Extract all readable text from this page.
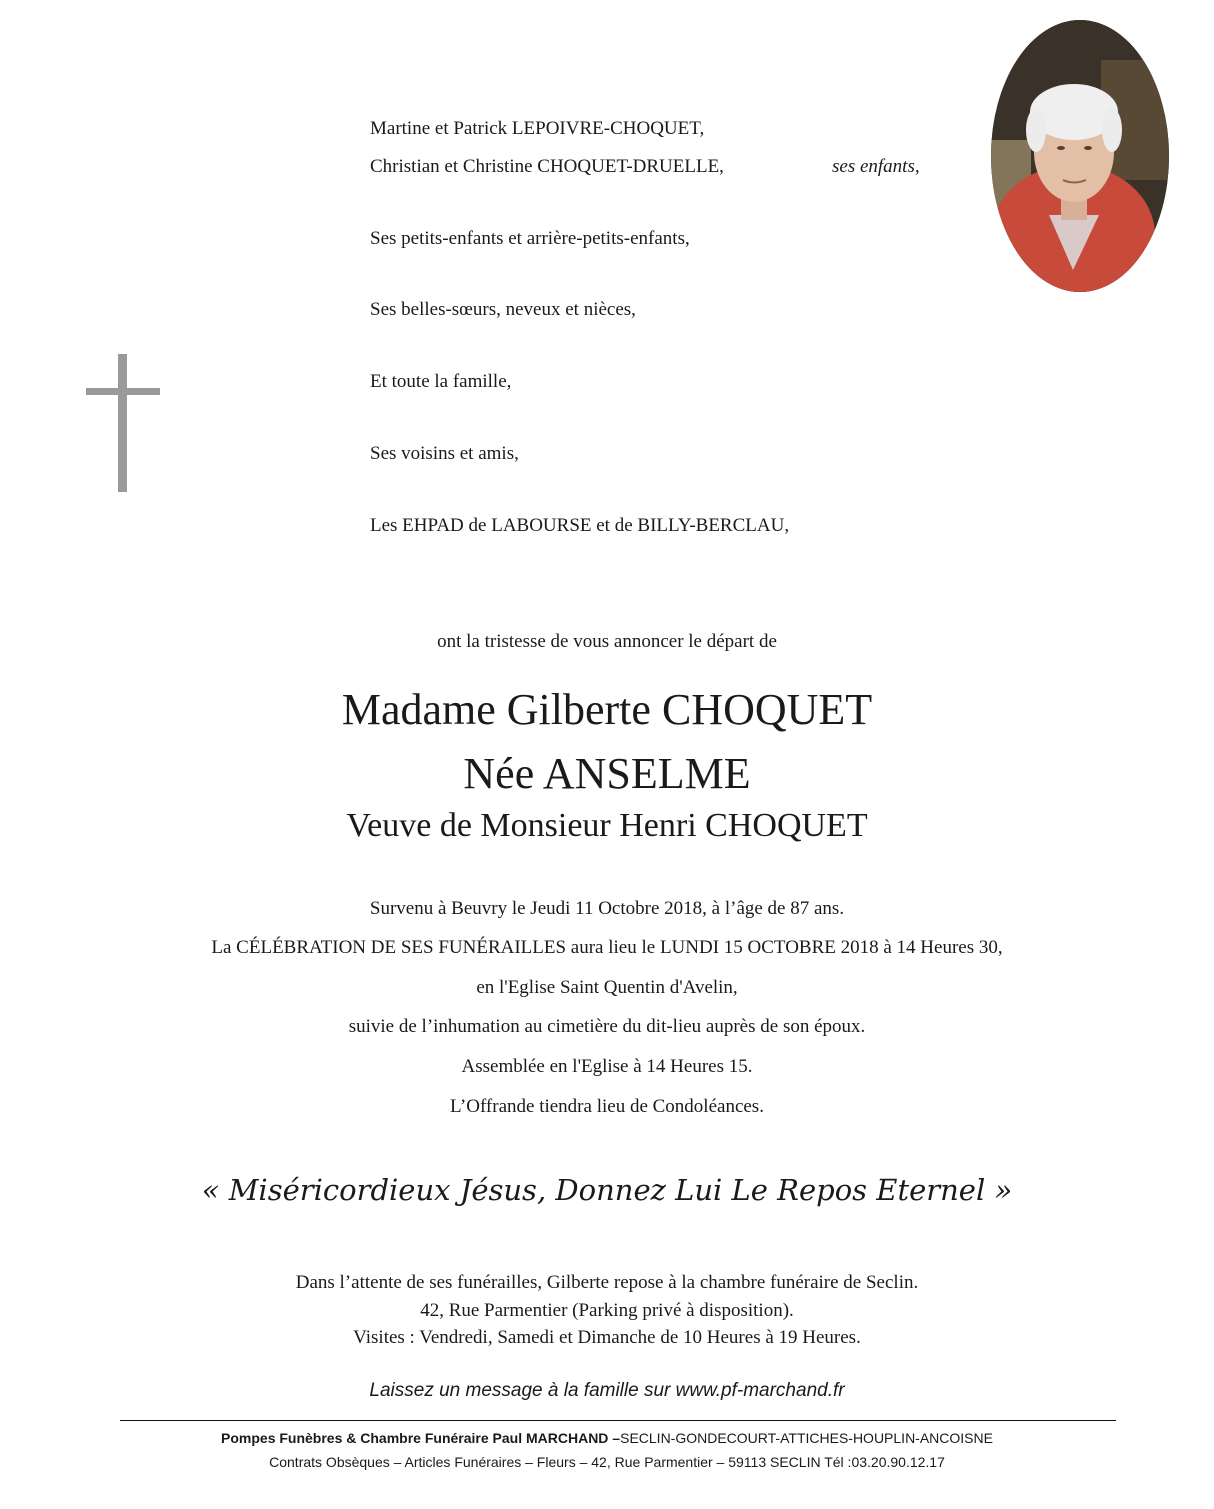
Martine et Patrick LEPOIVRE-CHOQUET,
Christian et Christine CHOQUET-DRUELLE,	ses enfants,
Ses petits-enfants et arrière-petits-enfants,
Ses belles-sœurs, neveux et nièces,
Et toute la famille,
Ses voisins et amis,
Les EHPAD de LABOURSE et de BILLY-BERCLAU,
ont la tristesse de vous annoncer le départ de
Madame Gilberte CHOQUET
Née ANSELME
Veuve de Monsieur Henri CHOQUET
Survenu à Beuvry le Jeudi 11 Octobre 2018, à l’âge de 87 ans.
La CÉLÉBRATION DE SES FUNÉRAILLES aura lieu le LUNDI 15 OCTOBRE 2018 à 14 Heures 30,
en l'Eglise Saint Quentin d'Avelin,
suivie de l’inhumation au cimetière du dit-lieu auprès de son époux.
Assemblée en l'Eglise à 14 Heures 15.
L’Offrande tiendra lieu de Condoléances.
« Miséricordieux Jésus, Donnez Lui Le Repos Eternel »
Dans l’attente de ses funérailles, Gilberte repose à la chambre funéraire de Seclin.
42, Rue Parmentier (Parking privé à disposition).
Visites : Vendredi, Samedi et Dimanche de 10 Heures à 19 Heures.
Laissez un message à la famille sur www.pf-marchand.fr
Pompes Funèbres & Chambre Funéraire Paul MARCHAND –SECLIN-GONDECOURT-ATTICHES-HOUPLIN-ANCOISNE
Contrats Obsèques – Articles Funéraires – Fleurs – 42, Rue Parmentier – 59113 SECLIN Tél :03.20.90.12.17
